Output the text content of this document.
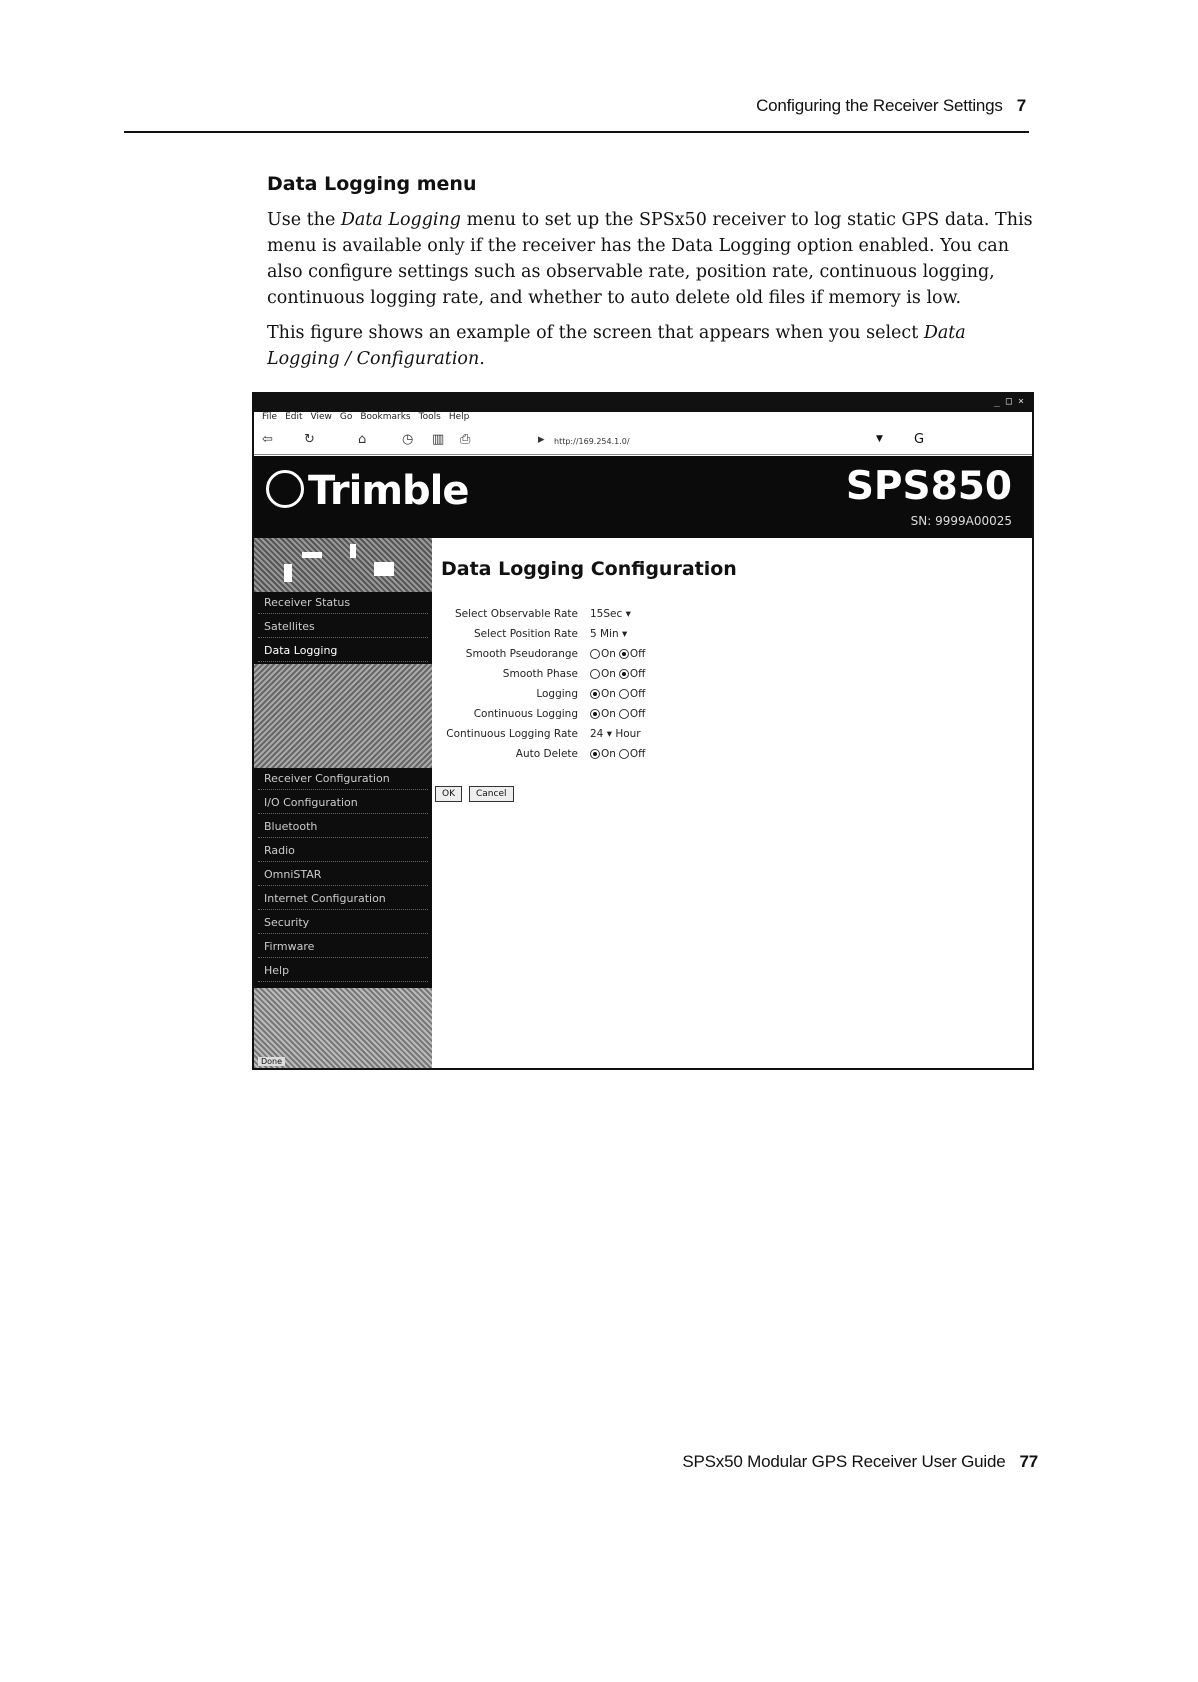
Configuring the Receiver Settings 7
Data Logging menu
Use the Data Logging menu to set up the SPSx50 receiver to log static GPS data. This menu is available only if the receiver has the Data Logging option enabled. You can also configure settings such as observable rate, position rate, continuous logging, continuous logging rate, and whether to auto delete old files if memory is low.
This figure shows an example of the screen that appears when you select Data Logging / Configuration.
_ □ ×
File Edit View Go Bookmarks Tools Help
⇦ ↻	⌂	◷ ▥ ⎙	▸ http://169.254.1.0/	▼ G
Trimble	SPS850
SN: 9999A00025
Receiver Status
Satellites
Data Logging
Receiver Configuration
I/O Configuration
Bluetooth
Radio
OmniSTAR
Internet Configuration
Security
Firmware
Help
Data Logging Configuration
OK	Cancel
Select Observable Rate 15Sec ▾
Select Position Rate 5 Min ▾
Smooth Pseudorange	On Off
Smooth Phase	On Off
Logging	On Off
Continuous Logging	On Off
Continuous Logging Rate 24 ▾ Hour
Auto Delete	On Off
Done
SPSx50 Modular GPS Receiver User Guide 77
